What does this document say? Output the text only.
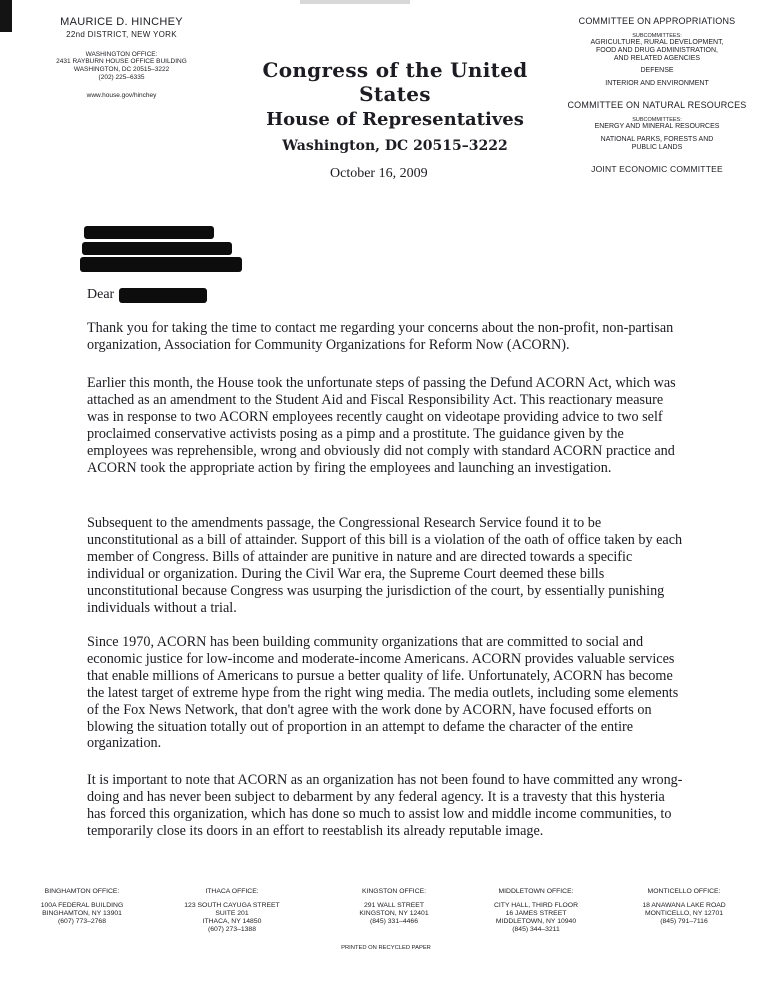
MAURICE D. HINCHEY
22nd DISTRICT, NEW YORK
WASHINGTON OFFICE:
2431 RAYBURN HOUSE OFFICE BUILDING
WASHINGTON, DC 20515–3222
(202) 225–6335
www.house.gov/hinchey
Congress of the United States
House of Representatives
Washington, DC 20515–3222
October 16, 2009
COMMITTEE ON APPROPRIATIONS
SUBCOMMITTEES:
AGRICULTURE, RURAL DEVELOPMENT,
FOOD AND DRUG ADMINISTRATION,
AND RELATED AGENCIES
DEFENSE
INTERIOR AND ENVIRONMENT
COMMITTEE ON NATURAL RESOURCES
SUBCOMMITTEES:
ENERGY AND MINERAL RESOURCES
NATIONAL PARKS, FORESTS AND
PUBLIC LANDS
JOINT ECONOMIC COMMITTEE
Dear
Thank you for taking the time to contact me regarding your concerns about the non-profit, non-partisan organization, Association for Community Organizations for Reform Now (ACORN).
Earlier this month, the House took the unfortunate steps of passing the Defund ACORN Act, which was attached as an amendment to the Student Aid and Fiscal Responsibility Act. This reactionary measure was in response to two ACORN employees recently caught on videotape providing advice to two self proclaimed conservative activists posing as a pimp and a prostitute. The guidance given by the employees was reprehensible, wrong and obviously did not comply with standard ACORN practice and ACORN took the appropriate action by firing the employees and launching an investigation.
Subsequent to the amendments passage, the Congressional Research Service found it to be unconstitutional as a bill of attainder. Support of this bill is a violation of the oath of office taken by each member of Congress. Bills of attainder are punitive in nature and are directed towards a specific individual or organization. During the Civil War era, the Supreme Court deemed these bills unconstitutional because Congress was usurping the jurisdiction of the court, by essentially punishing individuals without a trial.
Since 1970, ACORN has been building community organizations that are committed to social and economic justice for low-income and moderate-income Americans. ACORN provides valuable services that enable millions of Americans to pursue a better quality of life. Unfortunately, ACORN has become the latest target of extreme hype from the right wing media. The media outlets, including some elements of the Fox News Network, that don't agree with the work done by ACORN, have focused efforts on blowing the situation totally out of proportion in an attempt to defame the character of the entire organization.
It is important to note that ACORN as an organization has not been found to have committed any wrong-doing and has never been subject to debarment by any federal agency. It is a travesty that this hysteria has forced this organization, which has done so much to assist low and middle income communities, to temporarily close its doors in an effort to reestablish its already reputable image.
BINGHAMTON OFFICE:
100A FEDERAL BUILDING
BINGHAMTON, NY 13901
(607) 773–2768
ITHACA OFFICE:
123 SOUTH CAYUGA STREET
SUITE 201
ITHACA, NY 14850
(607) 273–1388
KINGSTON OFFICE:
291 WALL STREET
KINGSTON, NY 12401
(845) 331–4466
MIDDLETOWN OFFICE:
CITY HALL, THIRD FLOOR
16 JAMES STREET
MIDDLETOWN, NY 10940
(845) 344–3211
MONTICELLO OFFICE:
18 ANAWANA LAKE ROAD
MONTICELLO, NY 12701
(845) 791–7116
PRINTED ON RECYCLED PAPER
